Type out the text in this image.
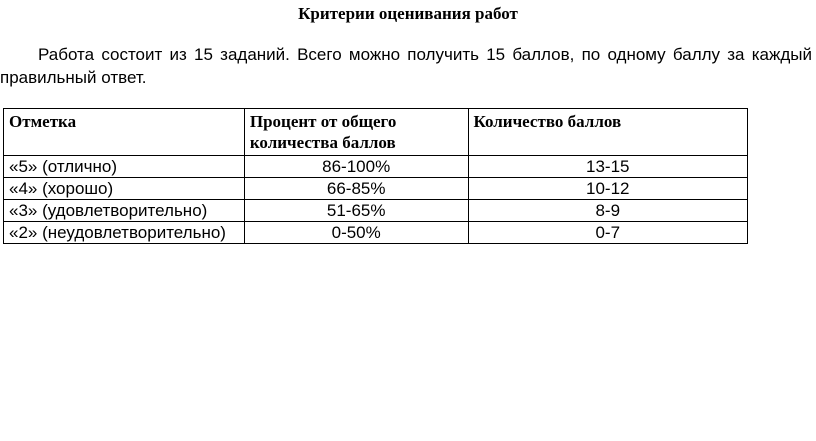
Критерии оценивания работ
Работа состоит из 15 заданий. Всего можно получить 15 баллов, по одному баллу за каждый правильный ответ.
Отметка	Процент от общего количества баллов	Количество баллов
«5» (отлично)	86-100%	13-15
«4» (хорошо)	66-85%	10-12
«3» (удовлетворительно)	51-65%	8-9
«2» (неудовлетворительно)	0-50%	0-7
